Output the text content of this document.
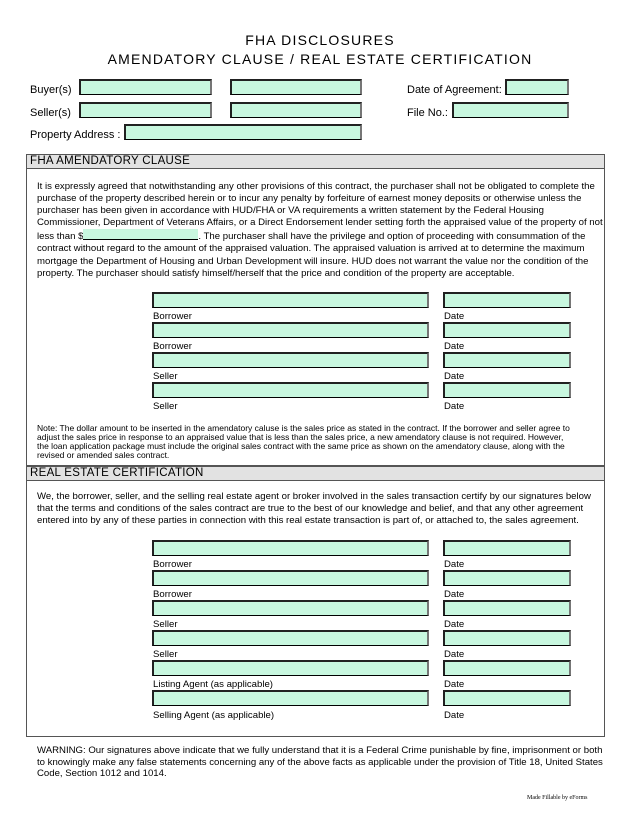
FHA DISCLOSURES
AMENDATORY CLAUSE / REAL ESTATE CERTIFICATION
Buyer(s)
Seller(s)
Property Address :
Date of Agreement:
File No.:
FHA AMENDATORY CLAUSE
It is expressly agreed that notwithstanding any other provisions of this contract, the purchaser shall not be obligated to complete the purchase of the property described herein or to incur any penalty by forfeiture of earnest money deposits or otherwise unless the purchaser has been given in accordance with HUD/FHA or VA requirements a written statement by the Federal Housing Commissioner, Department of Veterans Affairs, or a Direct Endorsement lender setting forth the appraised value of the property of not less than $	. The purchaser shall have the privilege and option of proceeding with consummation of the contract without regard to the amount of the appraised valuation. The appraised valuation is arrived at to determine the maximum mortgage the Department of Housing and Urban Development will insure. HUD does not warrant the value nor the condition of the property. The purchaser should satisfy himself/herself that the price and condition of the property are acceptable.
Borrower	Date
Borrower	Date
Seller	Date
Seller	Date
Note: The dollar amount to be inserted in the amendatory caluse is the sales price as stated in the contract. If the borrower and seller agree to adjust the sales price in response to an appraised value that is less than the sales price, a new amendatory clause is not required. However, the loan application package must include the original sales contract with the same price as shown on the amendatory clause, along with the revised or amended sales contract.
REAL ESTATE CERTIFICATION
We, the borrower, seller, and the selling real estate agent or broker involved in the sales transaction certify by our signatures below that the terms and conditions of the sales contract are true to the best of our knowledge and belief, and that any other agreement entered into by any of these parties in connection with this real estate transaction is part of, or attached to, the sales agreement.
Borrower	Date
Borrower	Date
Seller	Date
Seller	Date
Listing Agent (as applicable)	Date
Selling Agent (as applicable)	Date
WARNING: Our signatures above indicate that we fully understand that it is a Federal Crime punishable by fine, imprisonment or both to knowingly make any false statements concerning any of the above facts as applicable under the provision of Title 18, United States Code, Section 1012 and 1014.
Made Fillable by eForms
